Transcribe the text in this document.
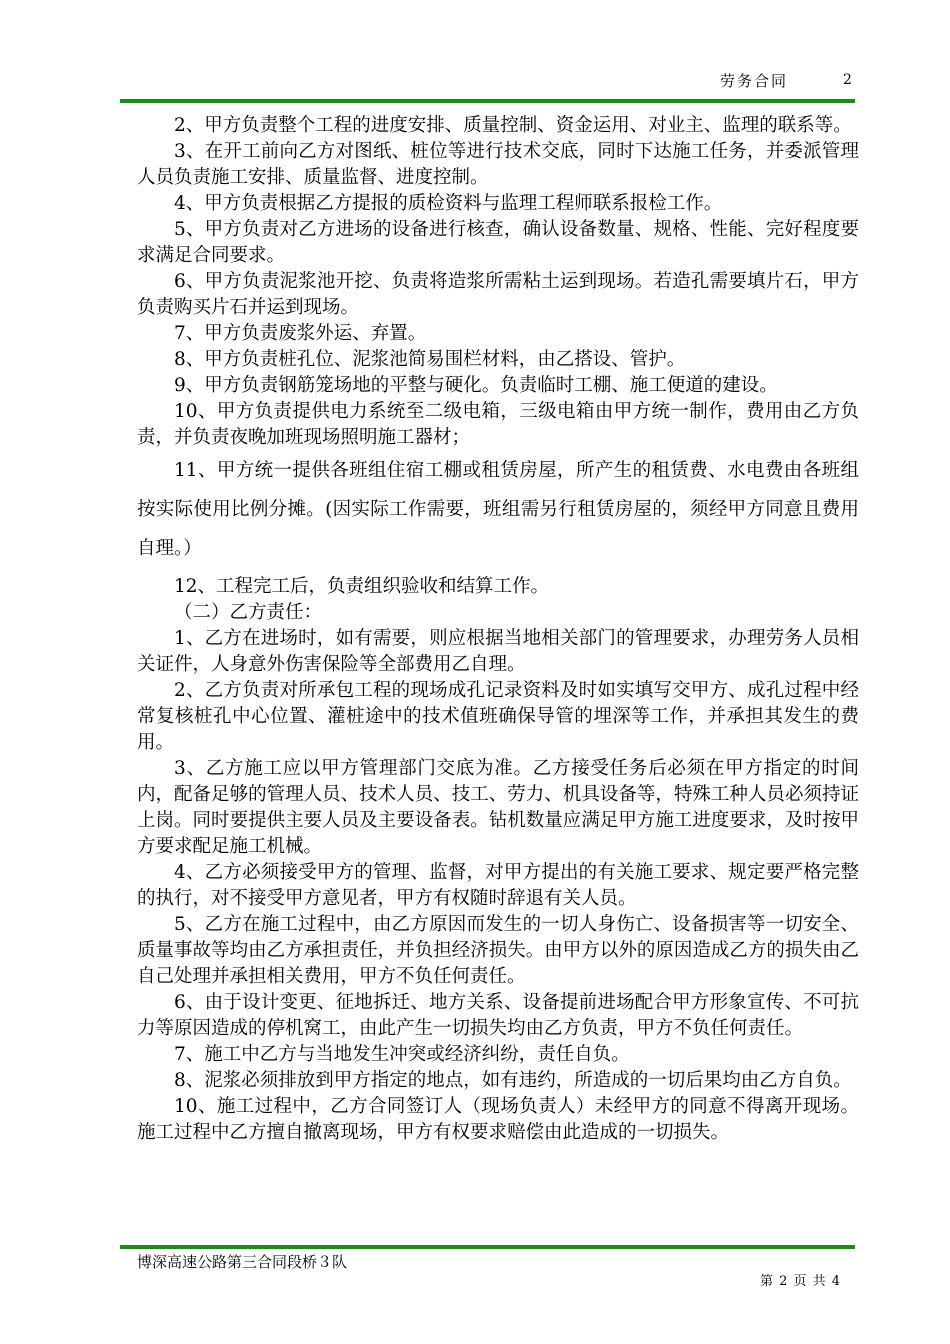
劳务合同	2

2、甲方负责整个工程的进度安排、质量控制、资金运用、对业主、监理的联系等。

3、在开工前向乙方对图纸、桩位等进行技术交底，同时下达施工任务，并委派管理人员负责施工安排、质量监督、进度控制。

4、甲方负责根据乙方提报的质检资料与监理工程师联系报检工作。

5、甲方负责对乙方进场的设备进行核查，确认设备数量、规格、性能、完好程度要求满足合同要求。

6、甲方负责泥浆池开挖、负责将造浆所需粘土运到现场。若造孔需要填片石，甲方负责购买片石并运到现场。

7、甲方负责废浆外运、弃置。

8、甲方负责桩孔位、泥浆池简易围栏材料，由乙搭设、管护。

9、甲方负责钢筋笼场地的平整与硬化。负责临时工棚、施工便道的建设。

10、甲方负责提供电力系统至二级电箱，三级电箱由甲方统一制作，费用由乙方负责，并负责夜晚加班现场照明施工器材；

11、甲方统一提供各班组住宿工棚或租赁房屋，所产生的租赁费、水电费由各班组按实际使用比例分摊。(因实际工作需要，班组需另行租赁房屋的，须经甲方同意且费用自理。）

12、工程完工后，负责组织验收和结算工作。

（二）乙方责任：

1、乙方在进场时，如有需要，则应根据当地相关部门的管理要求，办理劳务人员相关证件，人身意外伤害保险等全部费用乙自理。

2、乙方负责对所承包工程的现场成孔记录资料及时如实填写交甲方、成孔过程中经常复核桩孔中心位置、灌桩途中的技术值班确保导管的埋深等工作，并承担其发生的费用。

3、乙方施工应以甲方管理部门交底为准。乙方接受任务后必须在甲方指定的时间内，配备足够的管理人员、技术人员、技工、劳力、机具设备等，特殊工种人员必须持证上岗。同时要提供主要人员及主要设备表。钻机数量应满足甲方施工进度要求，及时按甲方要求配足施工机械。

4、乙方必须接受甲方的管理、监督，对甲方提出的有关施工要求、规定要严格完整的执行，对不接受甲方意见者，甲方有权随时辞退有关人员。

5、乙方在施工过程中，由乙方原因而发生的一切人身伤亡、设备损害等一切安全、质量事故等均由乙方承担责任，并负担经济损失。由甲方以外的原因造成乙方的损失由乙自己处理并承担相关费用，甲方不负任何责任。

6、由于设计变更、征地拆迁、地方关系、设备提前进场配合甲方形象宣传、不可抗力等原因造成的停机窝工，由此产生一切损失均由乙方负责，甲方不负任何责任。

7、施工中乙方与当地发生冲突或经济纠纷，责任自负。

8、泥浆必须排放到甲方指定的地点，如有违约，所造成的一切后果均由乙方自负。

10、施工过程中，乙方合同签订人（现场负责人）未经甲方的同意不得离开现场。施工过程中乙方擅自撤离现场，甲方有权要求赔偿由此造成的一切损失。

博深高速公路第三合同段桥３队
第 2 页 共 4
